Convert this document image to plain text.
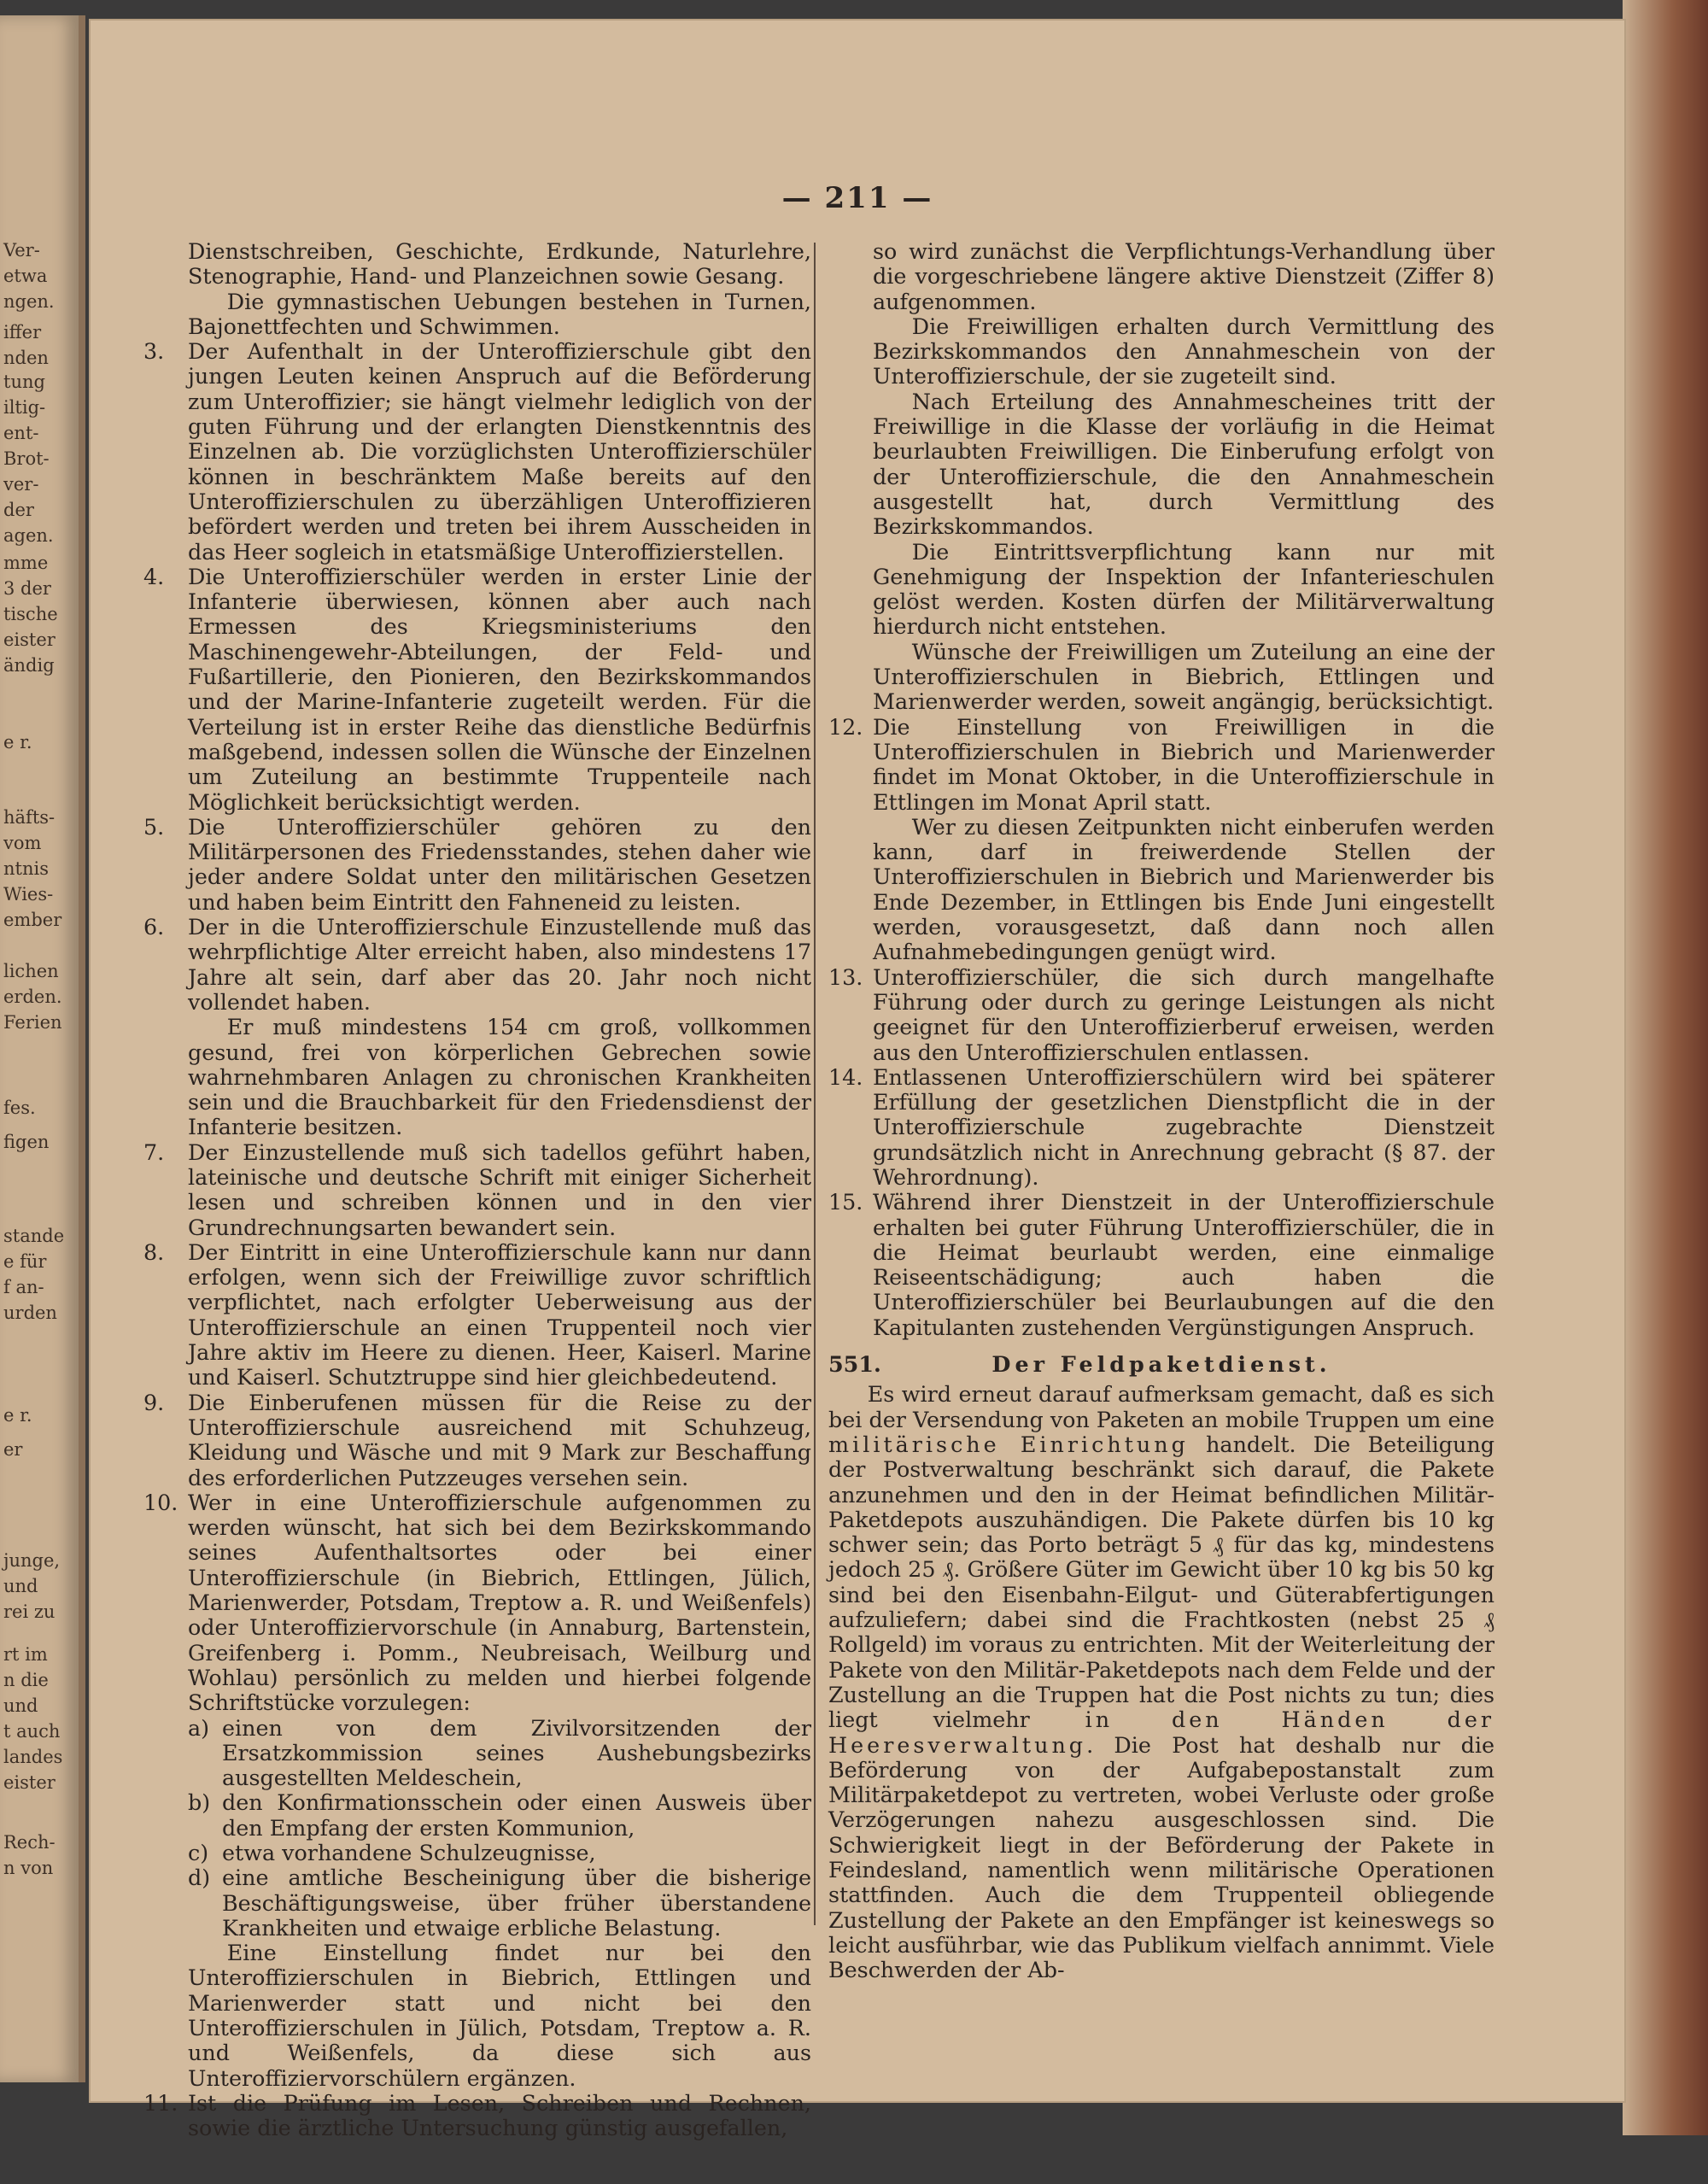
Ver-
etwa
ngen.
iffer
nden
tung
iltig-
ent-
Brot-
ver-
der
agen.
mme
3 der
tische
eister
ändig
e r.
häfts-
vom
ntnis
Wies-
ember
lichen
erden.
Ferien
fes.
figen
stande
e für
f an-
urden
e r.
er
junge,
und
rei zu
rt im
n die
und
t auch
landes
eister
Rech-
n von
— 211 —

Dienstschreiben, Geschichte, Erdkunde, Naturlehre, Stenographie, Hand- und Planzeichnen sowie Gesang.

Die gymnastischen Uebungen bestehen in Turnen, Bajonettfechten und Schwimmen.

3.	Der Aufenthalt in der Unteroffizierschule gibt den jungen Leuten keinen Anspruch auf die Beförderung zum Unteroffizier; sie hängt vielmehr lediglich von der guten Führung und der erlangten Dienstkenntnis des Einzelnen ab. Die vorzüglichsten Unteroffizierschüler können in beschränktem Maße bereits auf den Unteroffizierschulen zu überzähligen Unteroffizieren befördert werden und treten bei ihrem Ausscheiden in das Heer sogleich in etatsmäßige Unteroffizierstellen.
4.	Die Unteroffizierschüler werden in erster Linie der Infanterie überwiesen, können aber auch nach Ermessen des Kriegsministeriums den Maschinengewehr-Abteilungen, der Feld- und Fußartillerie, den Pionieren, den Bezirkskommandos und der Marine-Infanterie zugeteilt werden. Für die Verteilung ist in erster Reihe das dienstliche Bedürfnis maßgebend, indessen sollen die Wünsche der Einzelnen um Zuteilung an bestimmte Truppenteile nach Möglichkeit berücksichtigt werden.
5.	Die Unteroffizierschüler gehören zu den Militärpersonen des Friedensstandes, stehen daher wie jeder andere Soldat unter den militärischen Gesetzen und haben beim Eintritt den Fahneneid zu leisten.
6.	Der in die Unteroffizierschule Einzustellende muß das wehrpflichtige Alter erreicht haben, also mindestens 17 Jahre alt sein, darf aber das 20. Jahr noch nicht vollendet haben.

Er muß mindestens 154 cm groß, vollkommen gesund, frei von körperlichen Gebrechen sowie wahrnehmbaren Anlagen zu chronischen Krankheiten sein und die Brauchbarkeit für den Friedensdienst der Infanterie besitzen.

7.	Der Einzustellende muß sich tadellos geführt haben, lateinische und deutsche Schrift mit einiger Sicherheit lesen und schreiben können und in den vier Grundrechnungsarten bewandert sein.
8.	Der Eintritt in eine Unteroffizierschule kann nur dann erfolgen, wenn sich der Freiwillige zuvor schriftlich verpflichtet, nach erfolgter Ueberweisung aus der Unteroffizierschule an einen Truppenteil noch vier Jahre aktiv im Heere zu dienen. Heer, Kaiserl. Marine und Kaiserl. Schutztruppe sind hier gleichbedeutend.
9.	Die Einberufenen müssen für die Reise zu der Unteroffizierschule ausreichend mit Schuhzeug, Kleidung und Wäsche und mit 9 Mark zur Beschaffung des erforderlichen Putzzeuges versehen sein.
10. Wer in eine Unteroffizierschule aufgenommen zu werden wünscht, hat sich bei dem Bezirkskommando seines Aufenthaltsortes oder bei einer Unteroffizierschule (in Biebrich, Ettlingen, Jülich, Marienwerder, Potsdam, Treptow a. R. und Weißenfels) oder Unteroffiziervorschule (in Annaburg, Bartenstein, Greifenberg i. Pomm., Neubreisach, Weilburg und Wohlau) persönlich zu melden und hierbei folgende Schriftstücke vorzulegen:
a) einen von dem Zivilvorsitzenden der Ersatzkommission seines Aushebungsbezirks ausgestellten Meldeschein,
b) den Konfirmationsschein oder einen Ausweis über den Empfang der ersten Kommunion,
c) etwa vorhandene Schulzeugnisse,
d) eine amtliche Bescheinigung über die bisherige Beschäftigungsweise, über früher überstandene Krankheiten und etwaige erbliche Belastung.

Eine Einstellung findet nur bei den Unteroffizierschulen in Biebrich, Ettlingen und Marienwerder statt und nicht bei den Unteroffizierschulen in Jülich, Potsdam, Treptow a. R. und Weißenfels, da diese sich aus Unteroffiziervorschülern ergänzen.

11. Ist die Prüfung im Lesen, Schreiben und Rechnen, sowie die ärztliche Untersuchung günstig ausgefallen,

so wird zunächst die Verpflichtungs-Verhandlung über die vorgeschriebene längere aktive Dienstzeit (Ziffer 8) aufgenommen.

Die Freiwilligen erhalten durch Vermittlung des Bezirkskommandos den Annahmeschein von der Unteroffizierschule, der sie zugeteilt sind.

Nach Erteilung des Annahmescheines tritt der Freiwillige in die Klasse der vorläufig in die Heimat beurlaubten Freiwilligen. Die Einberufung erfolgt von der Unteroffizierschule, die den Annahmeschein ausgestellt hat, durch Vermittlung des Bezirkskommandos.

Die Eintrittsverpflichtung kann nur mit Genehmigung der Inspektion der Infanterieschulen gelöst werden. Kosten dürfen der Militärverwaltung hierdurch nicht entstehen.

Wünsche der Freiwilligen um Zuteilung an eine der Unteroffizierschulen in Biebrich, Ettlingen und Marienwerder werden, soweit angängig, berücksichtigt.

12. Die Einstellung von Freiwilligen in die Unteroffizierschulen in Biebrich und Marienwerder findet im Monat Oktober, in die Unteroffizierschule in Ettlingen im Monat April statt.

Wer zu diesen Zeitpunkten nicht einberufen werden kann, darf in freiwerdende Stellen der Unteroffizierschulen in Biebrich und Marienwerder bis Ende Dezember, in Ettlingen bis Ende Juni eingestellt werden, vorausgesetzt, daß dann noch allen Aufnahmebedingungen genügt wird.

13. Unteroffizierschüler, die sich durch mangelhafte Führung oder durch zu geringe Leistungen als nicht geeignet für den Unteroffizierberuf erweisen, werden aus den Unteroffizierschulen entlassen.
14. Entlassenen Unteroffizierschülern wird bei späterer Erfüllung der gesetzlichen Dienstpflicht die in der Unteroffizierschule zugebrachte Dienstzeit grundsätzlich nicht in Anrechnung gebracht (§ 87. der Wehrordnung).
15. Während ihrer Dienstzeit in der Unteroffizierschule erhalten bei guter Führung Unteroffizierschüler, die in die Heimat beurlaubt werden, eine einmalige Reiseentschädigung; auch haben die Unteroffizierschüler bei Beurlaubungen auf die den Kapitulanten zustehenden Vergünstigungen Anspruch.
551.	Der Feldpaketdienst.

Es wird erneut darauf aufmerksam gemacht, daß es sich bei der Versendung von Paketen an mobile Truppen um eine militärische Einrichtung handelt. Die Beteiligung der Postverwaltung beschränkt sich darauf, die Pakete anzunehmen und den in der Heimat befindlichen Militär-Paketdepots auszuhändigen. Die Pakete dürfen bis 10 kg schwer sein; das Porto beträgt 5 ₰ für das kg, mindestens jedoch 25 ₰. Größere Güter im Gewicht über 10 kg bis 50 kg sind bei den Eisenbahn-Eilgut- und Güterabfertigungen aufzuliefern; dabei sind die Frachtkosten (nebst 25 ₰ Rollgeld) im voraus zu entrichten. Mit der Weiterleitung der Pakete von den Militär-Paketdepots nach dem Felde und der Zustellung an die Truppen hat die Post nichts zu tun; dies liegt vielmehr in den Händen der Heeresverwaltung. Die Post hat deshalb nur die Beförderung von der Aufgabepostanstalt zum Militärpaketdepot zu vertreten, wobei Verluste oder große Verzögerungen nahezu ausgeschlossen sind. Die Schwierigkeit liegt in der Beförderung der Pakete in Feindesland, namentlich wenn militärische Operationen stattfinden. Auch die dem Truppenteil obliegende Zustellung der Pakete an den Empfänger ist keineswegs so leicht ausführbar, wie das Publikum vielfach annimmt. Viele Beschwerden der Ab-
